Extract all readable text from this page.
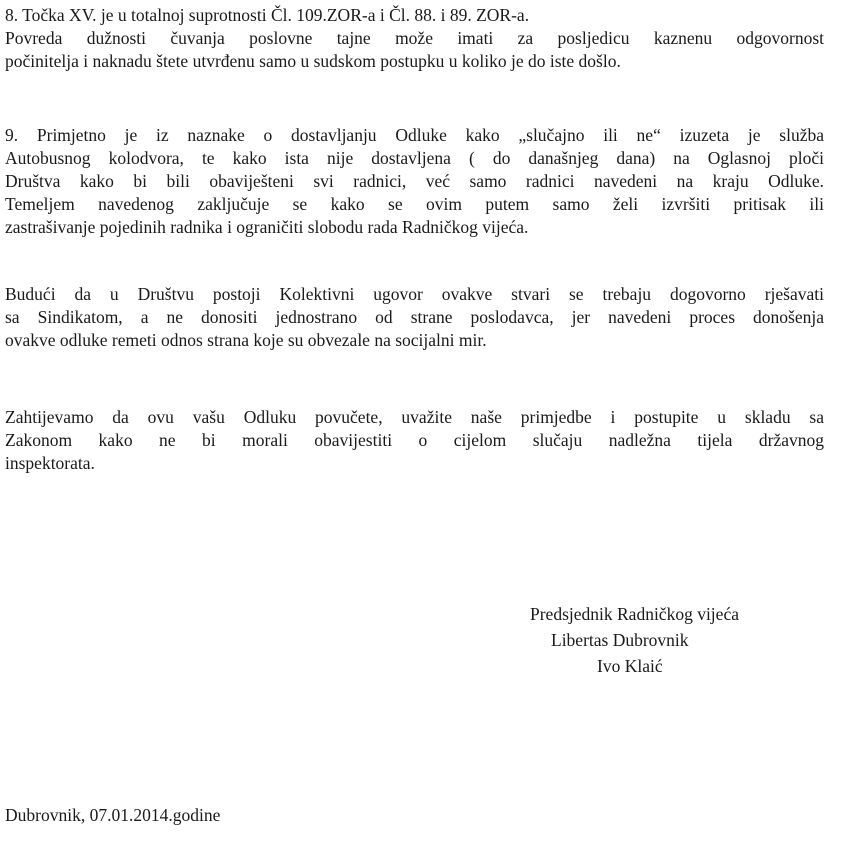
8. Točka XV. je u totalnoj suprotnosti Čl. 109.ZOR-a i Čl. 88. i 89. ZOR-a.
Povreda dužnosti čuvanja poslovne tajne može imati za posljedicu kaznenu odgovornost
počinitelja i naknadu štete utvrđenu samo u sudskom postupku u koliko je do iste došlo.
9. Primjetno je iz naznake o dostavljanju Odluke kako „slučajno ili ne“ izuzeta je služba
Autobusnog kolodvora, te kako ista nije dostavljena ( do današnjeg dana) na Oglasnoj ploči
Društva kako bi bili obaviješteni svi radnici, već samo radnici navedeni na kraju Odluke.
Temeljem navedenog zaključuje se kako se ovim putem samo želi izvršiti pritisak ili
zastrašivanje pojedinih radnika i ograničiti slobodu rada Radničkog vijeća.
Budući da u Društvu postoji Kolektivni ugovor ovakve stvari se trebaju dogovorno rješavati
sa Sindikatom, a ne donositi jednostrano od strane poslodavca, jer navedeni proces donošenja
ovakve odluke remeti odnos strana koje su obvezale na socijalni mir.
Zahtijevamo da ovu vašu Odluku povučete, uvažite naše primjedbe i postupite u skladu sa
Zakonom kako ne bi morali obavijestiti o cijelom slučaju nadležna tijela državnog
inspektorata.
Predsjednik Radničkog vijeća
Libertas Dubrovnik
Ivo Klaić
Dubrovnik, 07.01.2014.godine
